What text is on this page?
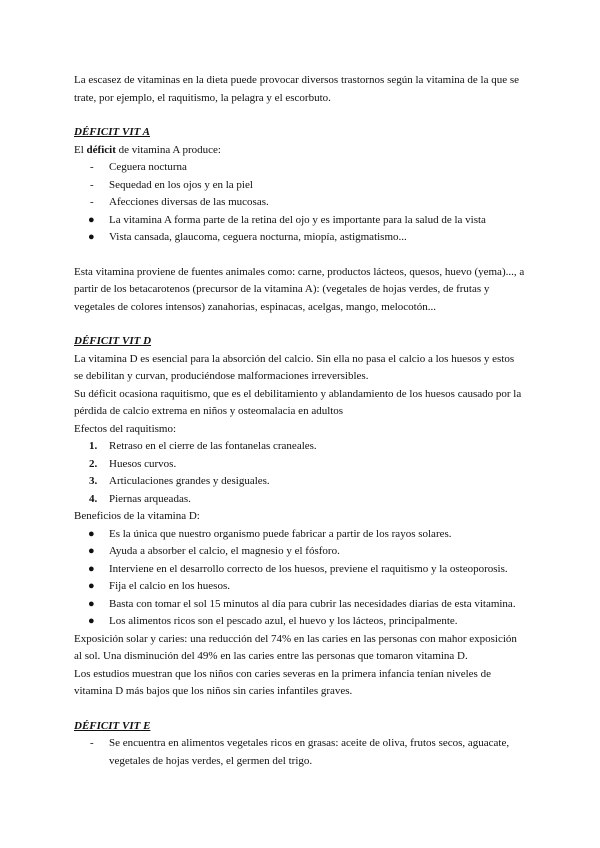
La escasez de vitaminas en la dieta puede provocar diversos trastornos según la vitamina de la que se trate, por ejemplo, el raquitismo, la pelagra y el escorbuto.

DÉFICIT VIT A

El déficit de vitamina A produce:

- Ceguera nocturna
- Sequedad en los ojos y en la piel
- Afecciones diversas de las mucosas.
● La vitamina A forma parte de la retina del ojo y es importante para la salud de la vista
● Vista cansada, glaucoma, ceguera nocturna, miopía, astigmatismo...

Esta vitamina proviene de fuentes animales como: carne, productos lácteos, quesos, huevo (yema)..., a partir de los betacarotenos (precursor de la vitamina A): (vegetales de hojas verdes, de frutas y vegetales de colores intensos) zanahorias, espinacas, acelgas, mango, melocotón...

DÉFICIT VIT D

La vitamina D es esencial para la absorción del calcio. Sin ella no pasa el calcio a los huesos y estos se debilitan y curvan, produciéndose malformaciones irreversibles.

Su déficit ocasiona raquitismo, que es el debilitamiento y ablandamiento de los huesos causado por la pérdida de calcio extrema en niños y osteomalacia en adultos

Efectos del raquitismo:

1. Retraso en el cierre de las fontanelas craneales.
2. Huesos curvos.
3. Articulaciones grandes y desiguales.
4. Piernas arqueadas.

Beneficios de la vitamina D:

● Es la única que nuestro organismo puede fabricar a partir de los rayos solares.
● Ayuda a absorber el calcio, el magnesio y el fósforo.
● Interviene en el desarrollo correcto de los huesos, previene el raquitismo y la osteoporosis.
● Fija el calcio en los huesos.
● Basta con tomar el sol 15 minutos al día para cubrir las necesidades diarias de esta vitamina.
● Los alimentos ricos son el pescado azul, el huevo y los lácteos, principalmente.

Exposición solar y caries: una reducción del 74% en las caries en las personas con mahor exposición al sol. Una disminución del 49% en las caries entre las personas que tomaron vitamina D.

Los estudios muestran que los niños con caries severas en la primera infancia tenían niveles de vitamina D más bajos que los niños sin caries infantiles graves.

DÉFICIT VIT E

- Se encuentra en alimentos vegetales ricos en grasas: aceite de oliva, frutos secos, aguacate, vegetales de hojas verdes, el germen del trigo.
